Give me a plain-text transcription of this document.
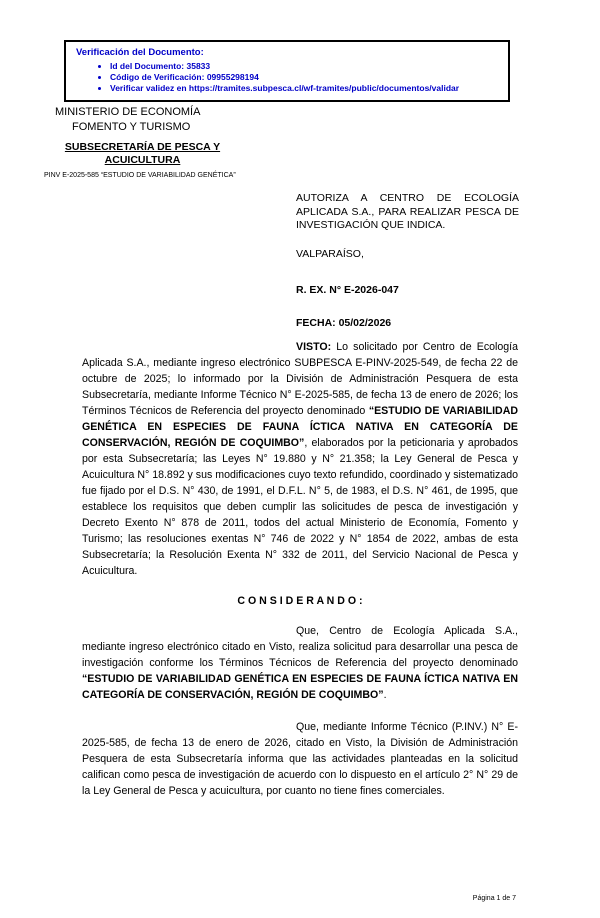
Verificación del Documento:
• Id del Documento: 35833
• Código de Verificación: 09955298194
• Verificar validez en https://tramites.subpesca.cl/wf-tramites/public/documentos/validar
MINISTERIO DE ECONOMÍA
FOMENTO Y TURISMO
SUBSECRETARÍA DE PESCA Y ACUICULTURA
PINV E-2025-585 “ESTUDIO DE VARIABILIDAD GENÉTICA”
AUTORIZA A CENTRO DE ECOLOGÍA APLICADA S.A., PARA REALIZAR PESCA DE INVESTIGACIÓN QUE INDICA.
VALPARAÍSO,
R. EX. N° E-2026-047
FECHA: 05/02/2026

VISTO: Lo solicitado por Centro de Ecología Aplicada S.A., mediante ingreso electrónico SUBPESCA E-PINV-2025-549, de fecha 22 de octubre de 2025; lo informado por la División de Administración Pesquera de esta Subsecretaría, mediante Informe Técnico N° E-2025-585, de fecha 13 de enero de 2026; los Términos Técnicos de Referencia del proyecto denominado “ESTUDIO DE VARIABILIDAD GENÉTICA EN ESPECIES DE FAUNA ÍCTICA NATIVA EN CATEGORÍA DE CONSERVACIÓN, REGIÓN DE COQUIMBO”, elaborados por la peticionaria y aprobados por esta Subsecretaría; las Leyes N° 19.880 y N° 21.358; la Ley General de Pesca y Acuicultura N° 18.892 y sus modificaciones cuyo texto refundido, coordinado y sistematizado fue fijado por el D.S. N° 430, de 1991, el D.F.L. N° 5, de 1983, el D.S. N° 461, de 1995, que establece los requisitos que deben cumplir las solicitudes de pesca de investigación y Decreto Exento N° 878 de 2011, todos del actual Ministerio de Economía, Fomento y Turismo; las resoluciones exentas N° 746 de 2022 y N° 1854 de 2022, ambas de esta Subsecretaría; la Resolución Exenta N° 332 de 2011, del Servicio Nacional de Pesca y Acuicultura.

C O N S I D E R A N D O :

Que, Centro de Ecología Aplicada S.A., mediante ingreso electrónico citado en Visto, realiza solicitud para desarrollar una pesca de investigación conforme los Términos Técnicos de Referencia del proyecto denominado “ESTUDIO DE VARIABILIDAD GENÉTICA EN ESPECIES DE FAUNA ÍCTICA NATIVA EN CATEGORÍA DE CONSERVACIÓN, REGIÓN DE COQUIMBO”.

Que, mediante Informe Técnico (P.INV.) N° E-2025-585, de fecha 13 de enero de 2026, citado en Visto, la División de Administración Pesquera de esta Subsecretaría informa que las actividades planteadas en la solicitud califican como pesca de investigación de acuerdo con lo dispuesto en el artículo 2° N° 29 de la Ley General de Pesca y acuicultura, por cuanto no tiene fines comerciales.

Página 1 de 7
